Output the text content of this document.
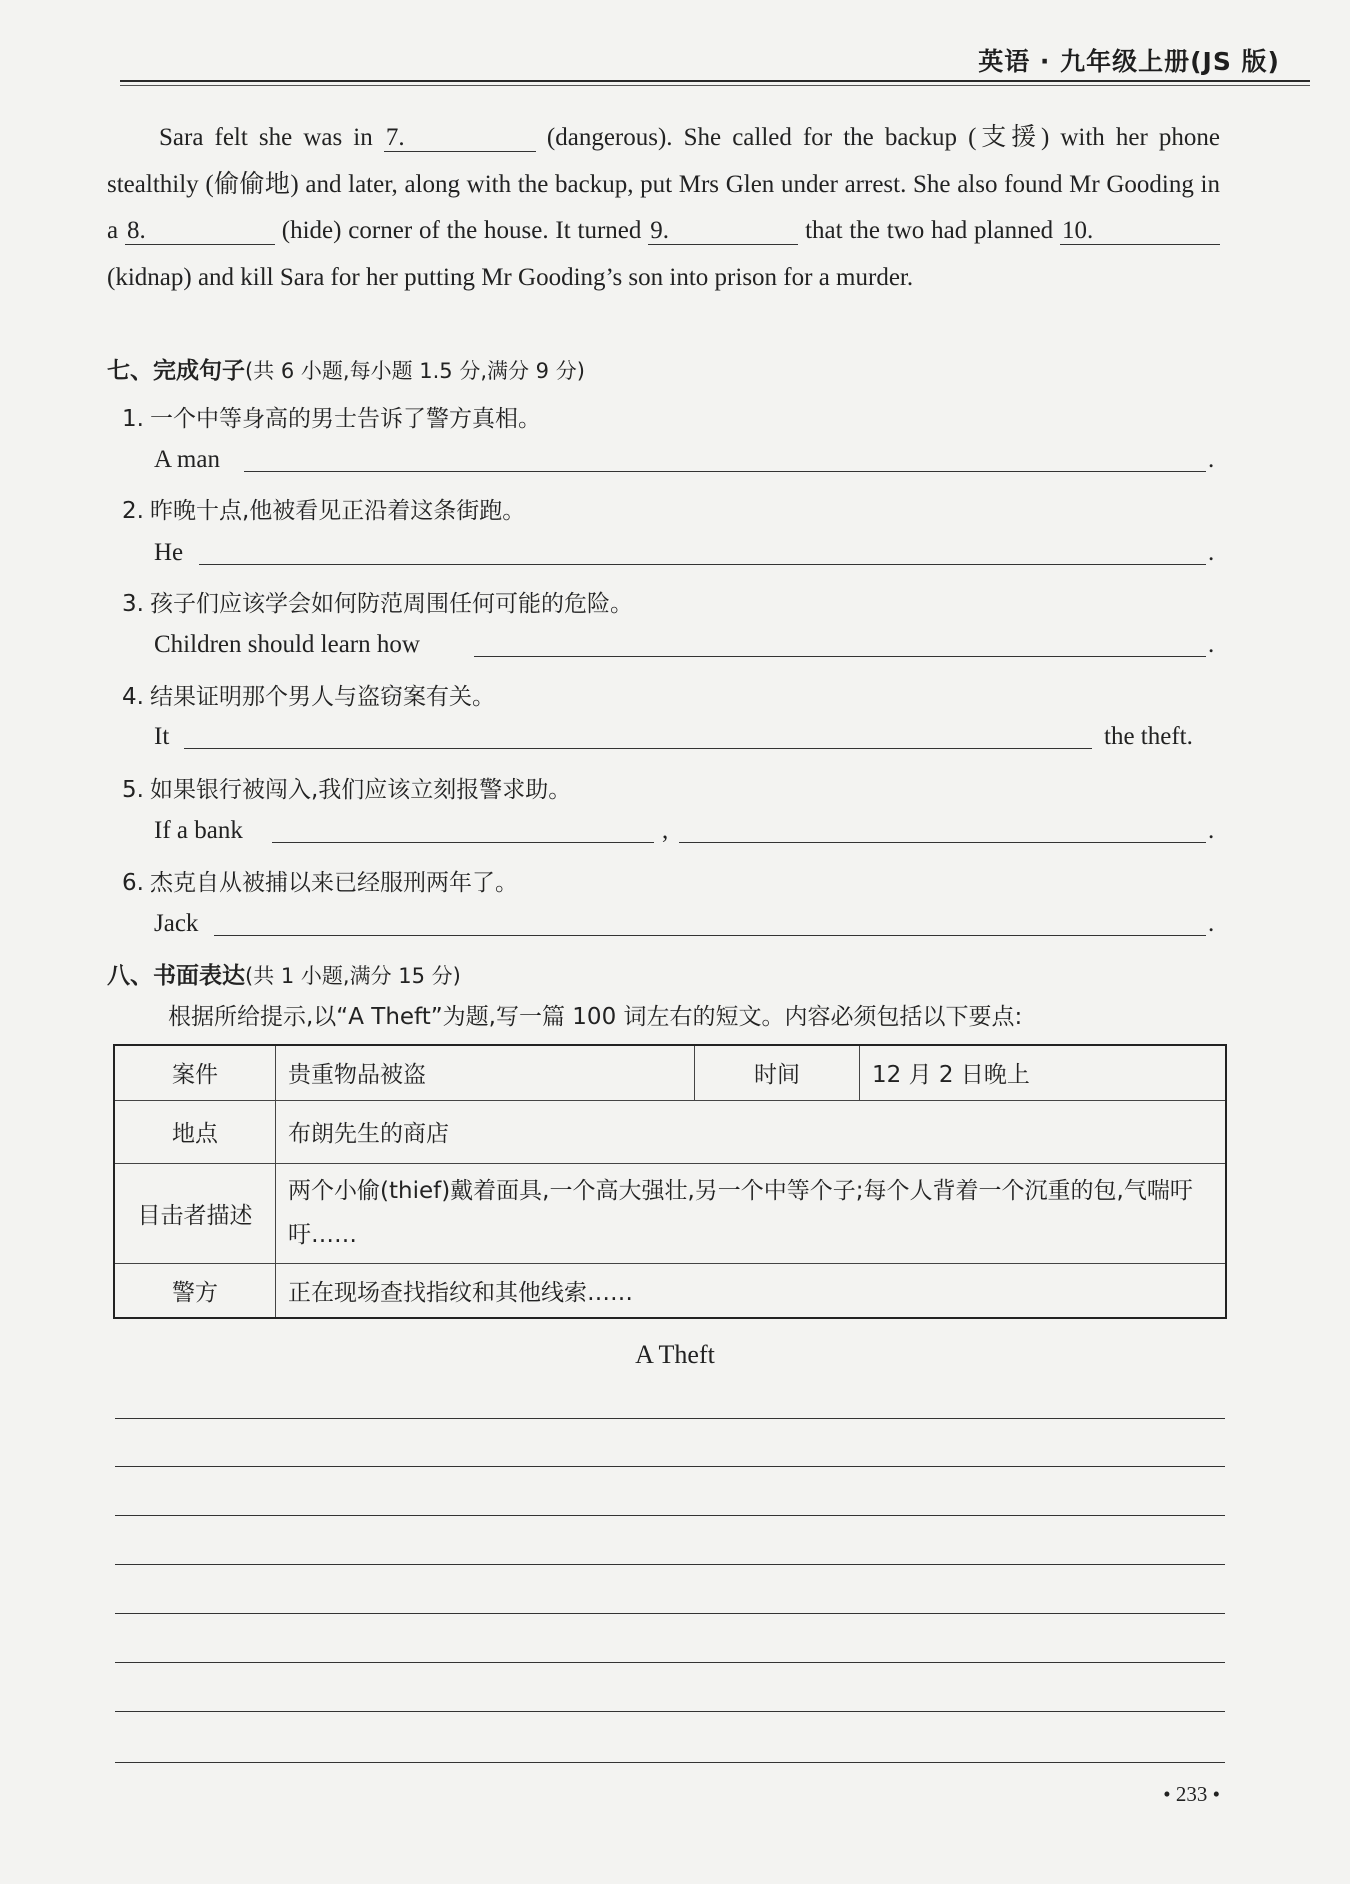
英语 · 九年级上册(JS 版)

Sara felt she was in 7.	(dangerous). She called for the backup (支援) with her phone stealthily (偷偷地) and later, along with the backup, put Mrs Glen under arrest. She also found Mr Gooding in a 8.	(hide) corner of the house. It turned 9.	that the two had planned 10. (kidnap) and kill Sara for her putting Mr Gooding’s son into prison for a murder.

七、完成句子(共 6 小题,每小题 1.5 分,满分 9 分)
1. 一个中等身高的男士告诉了警方真相。
A man	.
2. 昨晚十点,他被看见正沿着这条街跑。
He	.
3. 孩子们应该学会如何防范周围任何可能的危险。
Children should learn how	.
4. 结果证明那个男人与盗窃案有关。
It	the theft.
5. 如果银行被闯入,我们应该立刻报警求助。
If a bank	,	.
6. 杰克自从被捕以来已经服刑两年了。
Jack	.
八、书面表达(共 1 小题,满分 15 分)
根据所给提示,以“A Theft”为题,写一篇 100 词左右的短文。内容必须包括以下要点:
案件	贵重物品被盗	时间	12 月 2 日晚上
地点	布朗先生的商店		
目击者描述	两个小偷(thief)戴着面具,一个高大强壮,另一个中等个子;每个人背着一个沉重的包,气喘吁吁……		
警方	正在现场查找指纹和其他线索……		
A Theft
• 233 •
